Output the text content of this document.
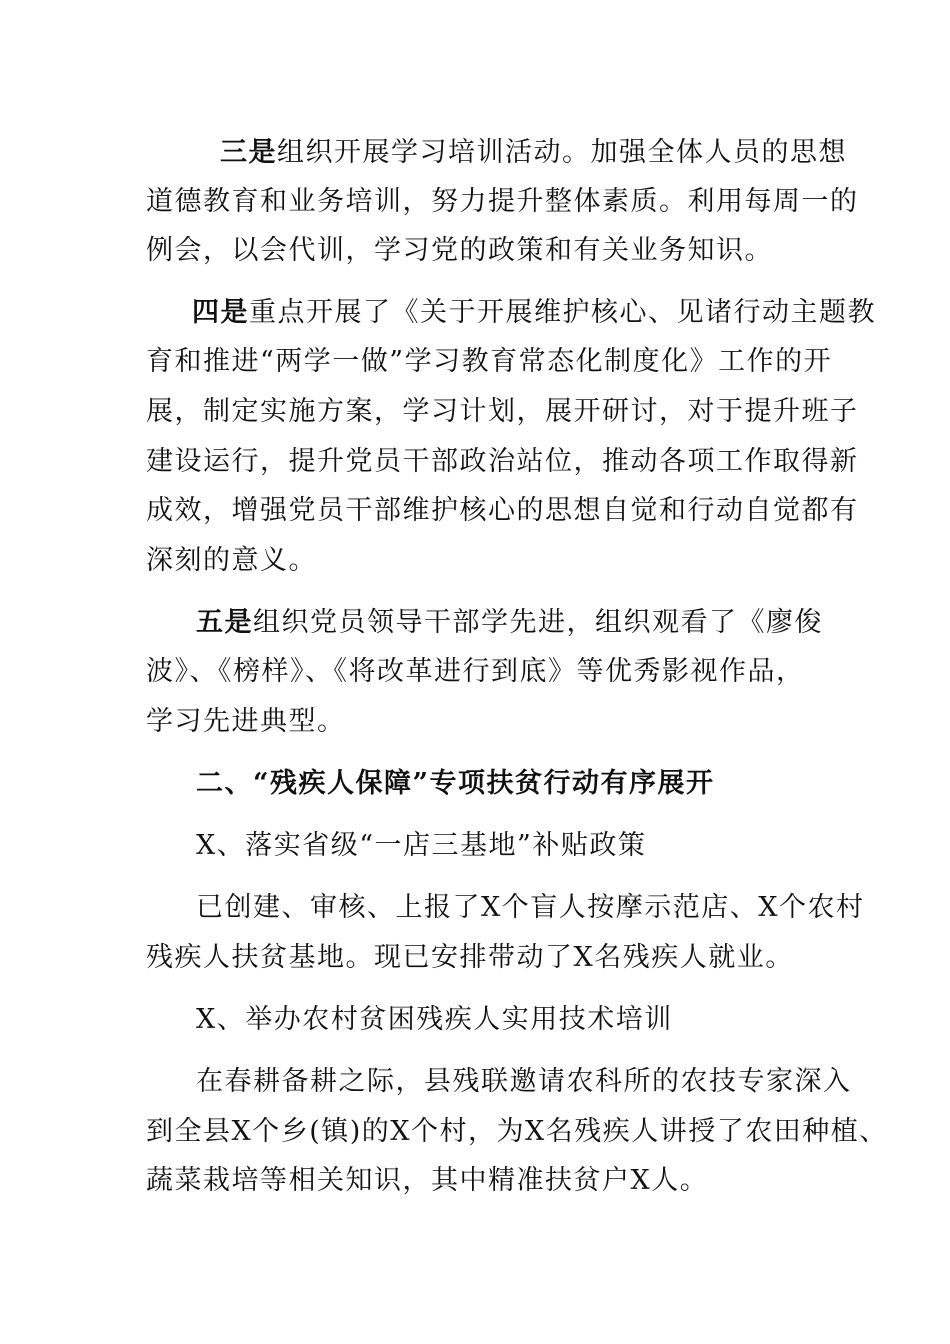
三是组织开展学习培训活动。加强全体人员的思想
道德教育和业务培训，努力提升整体素质。利用每周一的
例会，以会代训，学习党的政策和有关业务知识。
四是重点开展了《关于开展维护核心、见诸行动主题教
育和推进“两学一做”学习教育常态化制度化》工作的开
展，制定实施方案，学习计划，展开研讨，对于提升班子
建设运行，提升党员干部政治站位，推动各项工作取得新
成效，增强党员干部维护核心的思想自觉和行动自觉都有
深刻的意义。
五是组织党员领导干部学先进，组织观看了《廖俊
波》、《榜样》、《将改革进行到底》等优秀影视作品，
学习先进典型。
二、“残疾人保障”专项扶贫行动有序展开
X、落实省级“一店三基地”补贴政策
已创建、审核、上报了X个盲人按摩示范店、X个农村
残疾人扶贫基地。现已安排带动了X名残疾人就业。
X、举办农村贫困残疾人实用技术培训
在春耕备耕之际，县残联邀请农科所的农技专家深入
到全县X个乡(镇)的X个村，为X名残疾人讲授了农田种植、
蔬菜栽培等相关知识，其中精准扶贫户X人。
